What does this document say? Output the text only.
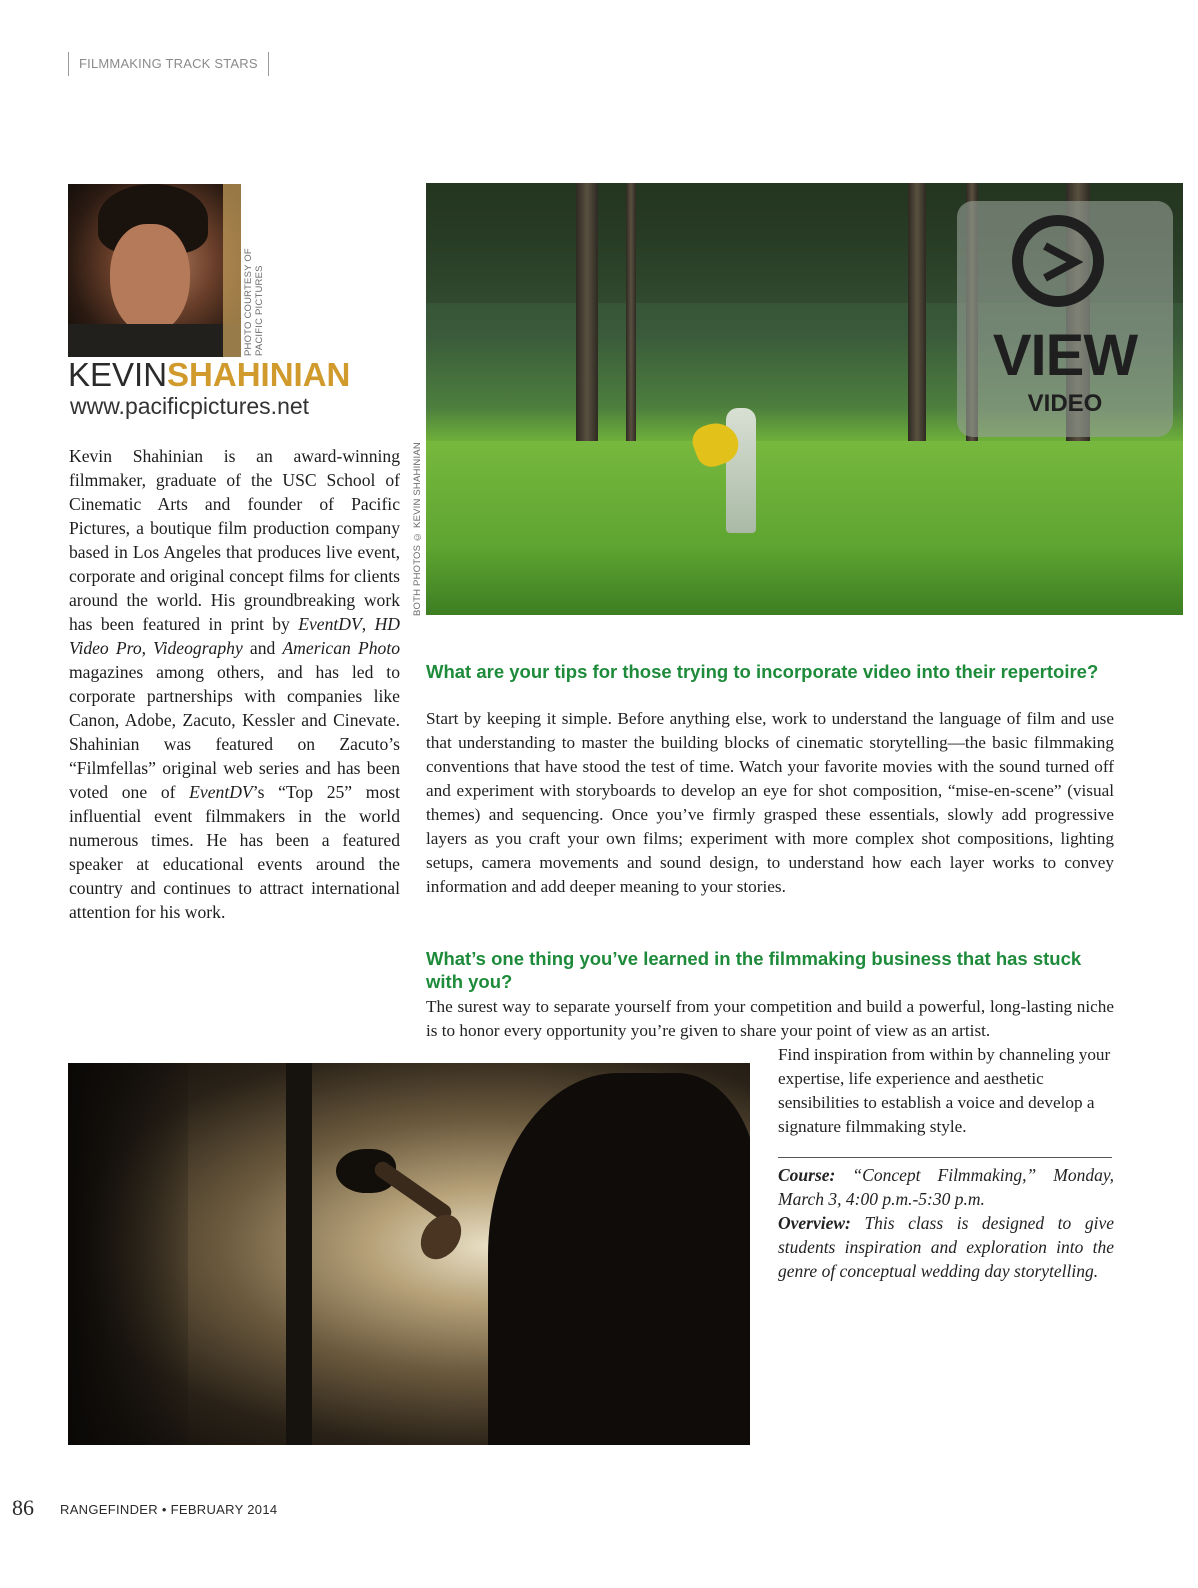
FILMMAKING TRACK STARS
PHOTO COURTESY OF
PACIFIC PICTURES
KEVINSHAHINIAN
www.pacificpictures.net
Kevin Shahinian is an award-winning filmmaker, graduate of the USC School of Cinematic Arts and founder of Pacific Pictures, a boutique film production company based in Los Angeles that produces live event, corporate and original concept films for clients around the world. His groundbreaking work has been featured in print by EventDV, HD Video Pro, Videography and American Photo magazines among others, and has led to corporate partnerships with companies like Canon, Adobe, Zacuto, Kessler and Cinevate. Shahinian was featured on Zacuto’s “Filmfellas” original web series and has been voted one of EventDV’s “Top 25” most influential event filmmakers in the world numerous times. He has been a featured speaker at educational events around the country and continues to attract international attention for his work.
BOTH PHOTOS © KEVIN SHAHINIAN
VIEW
VIDEO
What are your tips for those trying to incorporate video into their repertoire?
Start by keeping it simple. Before anything else, work to understand the language of film and use that understanding to master the building blocks of cinematic storytelling—the basic filmmaking conventions that have stood the test of time. Watch your favorite movies with the sound turned off and experiment with storyboards to develop an eye for shot composition, “mise-en-scene” (visual themes) and sequencing. Once you’ve firmly grasped these essentials, slowly add progressive layers as you craft your own films; experiment with more complex shot compositions, lighting setups, camera movements and sound design, to understand how each layer works to convey information and add deeper meaning to your stories.
What’s one thing you’ve learned in the filmmaking business that has stuck with you?
The surest way to separate yourself from your competition and build a powerful, long-lasting niche is to honor every opportunity you’re given to share your point of view as an artist.
Find inspiration from within by channeling your expertise, life experience and aesthetic sensibilities to establish a voice and develop a signature filmmaking style.
Course: “Concept Filmmaking,” Monday, March 3, 4:00 p.m.-5:30 p.m.
Overview: This class is designed to give students inspiration and exploration into the genre of conceptual wedding day storytelling.
86 RANGEFINDER • FEBRUARY 2014
